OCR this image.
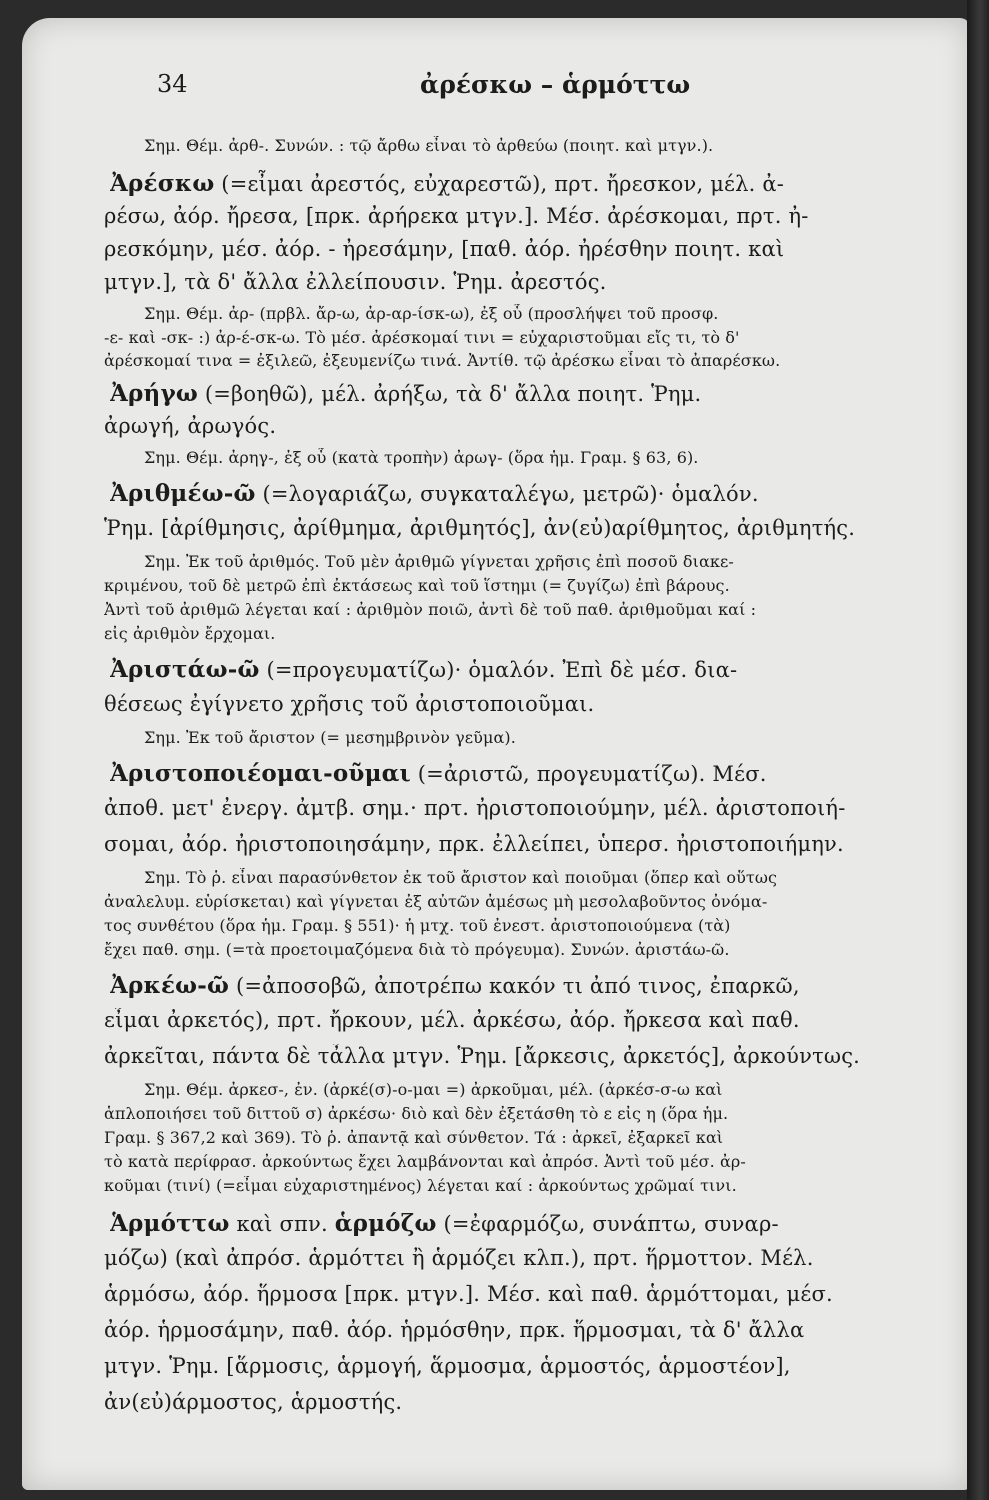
34	ἀρέσκω – ἁρμόττω
Σημ. Θέμ. ἀρθ-. Συνών. : τῷ ἄρθω εἶναι τὸ ἀρθεύω (ποιητ. καὶ μτγν.).
Ἀρέσκω (=εἶμαι ἀρεστός, εὐχαρεστῶ), πρτ. ἤρεσκον, μέλ. ἀ-
ρέσω, ἀόρ. ἤρεσα, [πρκ. ἀρήρεκα μτγν.]. Μέσ. ἀρέσκομαι, πρτ. ἠ-
ρεσκόμην, μέσ. ἀόρ. - ἠρεσάμην, [παθ. ἀόρ. ἠρέσθην ποιητ. καὶ
μτγν.], τὰ δ' ἄλλα ἐλλείπουσιν. Ῥημ. ἀρεστός.
Σημ. Θέμ. ἀρ- (πρβλ. ἄρ-ω, ἀρ-αρ-ίσκ-ω), ἐξ οὗ (προσλήψει τοῦ προσφ.
-ε- καὶ -σκ- :) ἀρ-έ-σκ-ω. Τὸ μέσ. ἀρέσκομαί τινι = εὐχαριστοῦμαι εἴς τι, τὸ δ'
ἀρέσκομαί τινα = ἐξιλεῶ, ἐξευμενίζω τινά. Ἀντίθ. τῷ ἀρέσκω εἶναι τὸ ἀπαρέσκω.
Ἀρήγω (=βοηθῶ), μέλ. ἀρήξω, τὰ δ' ἄλλα ποιητ. Ῥημ.
ἀρωγή, ἀρωγός.
Σημ. Θέμ. ἀρηγ-, ἐξ οὗ (κατὰ τροπὴν) ἀρωγ- (ὅρα ἡμ. Γραμ. § 63, 6).
Ἀριθμέω-ῶ (=λογαριάζω, συγκαταλέγω, μετρῶ)· ὁμαλόν.
Ῥημ. [ἀρίθμησις, ἀρίθμημα, ἀριθμητός], ἀν(εὐ)αρίθμητος, ἀριθμητής.
Σημ. Ἐκ τοῦ ἀριθμός. Τοῦ μὲν ἀριθμῶ γίγνεται χρῆσις ἐπὶ ποσοῦ διακε-
κριμένου, τοῦ δὲ μετρῶ ἐπὶ ἐκτάσεως καὶ τοῦ ἵστημι (= ζυγίζω) ἐπὶ βάρους.
Ἀντὶ τοῦ ἀριθμῶ λέγεται καί : ἀριθμὸν ποιῶ, ἀντὶ δὲ τοῦ παθ. ἀριθμοῦμαι καί :
εἰς ἀριθμὸν ἔρχομαι.
Ἀριστάω-ῶ (=προγευματίζω)· ὁμαλόν. Ἐπὶ δὲ μέσ. δια-
θέσεως ἐγίγνετο χρῆσις τοῦ ἀριστοποιοῦμαι.
Σημ. Ἐκ τοῦ ἄριστον (= μεσημβρινὸν γεῦμα).
Ἀριστοποιέομαι-οῦμαι (=ἀριστῶ, προγευματίζω). Μέσ.
ἀποθ. μετ' ἐνεργ. ἀμτβ. σημ.· πρτ. ἠριστοποιούμην, μέλ. ἀριστοποιή-
σομαι, ἀόρ. ἠριστοποιησάμην, πρκ. ἐλλείπει, ὑπερσ. ἠριστοποιήμην.
Σημ. Τὸ ῥ. εἶναι παρασύνθετον ἐκ τοῦ ἄριστον καὶ ποιοῦμαι (ὅπερ καὶ οὕτως
ἀναλελυμ. εὑρίσκεται) καὶ γίγνεται ἐξ αὐτῶν ἀμέσως μὴ μεσολαβοῦντος ὀνόμα-
τος συνθέτου (ὅρα ἡμ. Γραμ. § 551)· ἡ μτχ. τοῦ ἐνεστ. ἀριστοποιούμενα (τὰ)
ἔχει παθ. σημ. (=τὰ προετοιμαζόμενα διὰ τὸ πρόγευμα). Συνών. ἀριστάω-ῶ.
Ἀρκέω-ῶ (=ἀποσοβῶ, ἀποτρέπω κακόν τι ἀπό τινος, ἐπαρκῶ,
εἶμαι ἀρκετός), πρτ. ἤρκουν, μέλ. ἀρκέσω, ἀόρ. ἤρκεσα καὶ παθ.
ἀρκεῖται, πάντα δὲ τἆλλα μτγν. Ῥημ. [ἄρκεσις, ἀρκετός], ἀρκούντως.
Σημ. Θέμ. ἀρκεσ-, ἐν. (ἀρκέ(σ)-ο-μαι =) ἀρκοῦμαι, μέλ. (ἀρκέσ-σ-ω καὶ
ἁπλοποιήσει τοῦ διττοῦ σ) ἀρκέσω· διὸ καὶ δὲν ἐξετάσθη τὸ ε εἰς η (ὅρα ἡμ.
Γραμ. § 367,2 καὶ 369). Τὸ ῥ. ἀπαντᾷ καὶ σύνθετον. Τά : ἀρκεῖ, ἐξαρκεῖ καὶ
τὸ κατὰ περίφρασ. ἀρκούντως ἔχει λαμβάνονται καὶ ἀπρόσ. Ἀντὶ τοῦ μέσ. ἀρ-
κοῦμαι (τινί) (=εἶμαι εὐχαριστημένος) λέγεται καί : ἀρκούντως χρῶμαί τινι.
Ἁρμόττω καὶ σπν. ἁρμόζω (=ἐφαρμόζω, συνάπτω, συναρ-
μόζω) (καὶ ἀπρόσ. ἁρμόττει ἢ ἁρμόζει κλπ.), πρτ. ἥρμοττον. Μέλ.
ἁρμόσω, ἀόρ. ἥρμοσα [πρκ. μτγν.]. Μέσ. καὶ παθ. ἁρμόττομαι, μέσ.
ἀόρ. ἡρμοσάμην, παθ. ἀόρ. ἡρμόσθην, πρκ. ἥρμοσμαι, τὰ δ' ἄλλα
μτγν. Ῥημ. [ἅρμοσις, ἁρμογή, ἅρμοσμα, ἁρμοστός, ἁρμοστέον],
ἀν(εὐ)άρμοστος, ἁρμοστής.
